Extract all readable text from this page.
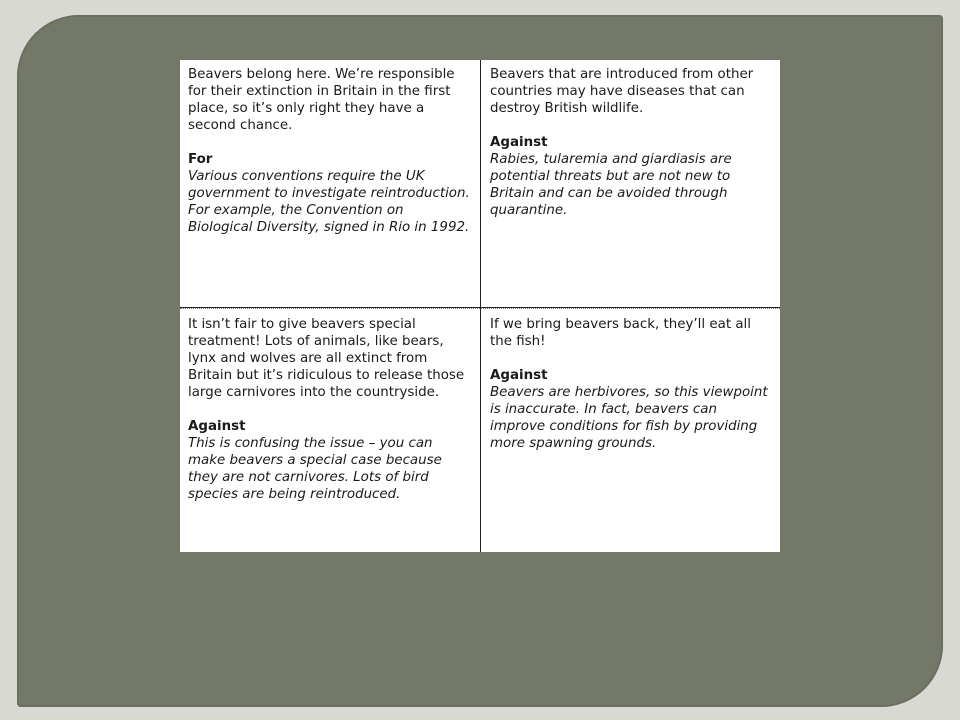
Beavers belong here. We’re responsible for their extinction in Britain in the first place, so it’s only right they have a second chance.

For

Various conventions require the UK government to investigate reintroduction. For example, the Convention on Biological Diversity, signed in Rio in 1992.

Beavers that are introduced from other countries may have diseases that can destroy British wildlife.

Against

Rabies, tularemia and giardiasis are potential threats but are not new to Britain and can be avoided through quarantine.

It isn’t fair to give beavers special treatment! Lots of animals, like bears, lynx and wolves are all extinct from Britain but it’s ridiculous to release those large carnivores into the countryside.

Against

This is confusing the issue – you can make beavers a special case because they are not carnivores. Lots of bird species are being reintroduced.

If we bring beavers back, they’ll eat all the fish!

Against

Beavers are herbivores, so this viewpoint is inaccurate. In fact, beavers can improve conditions for fish by providing more spawning grounds.
